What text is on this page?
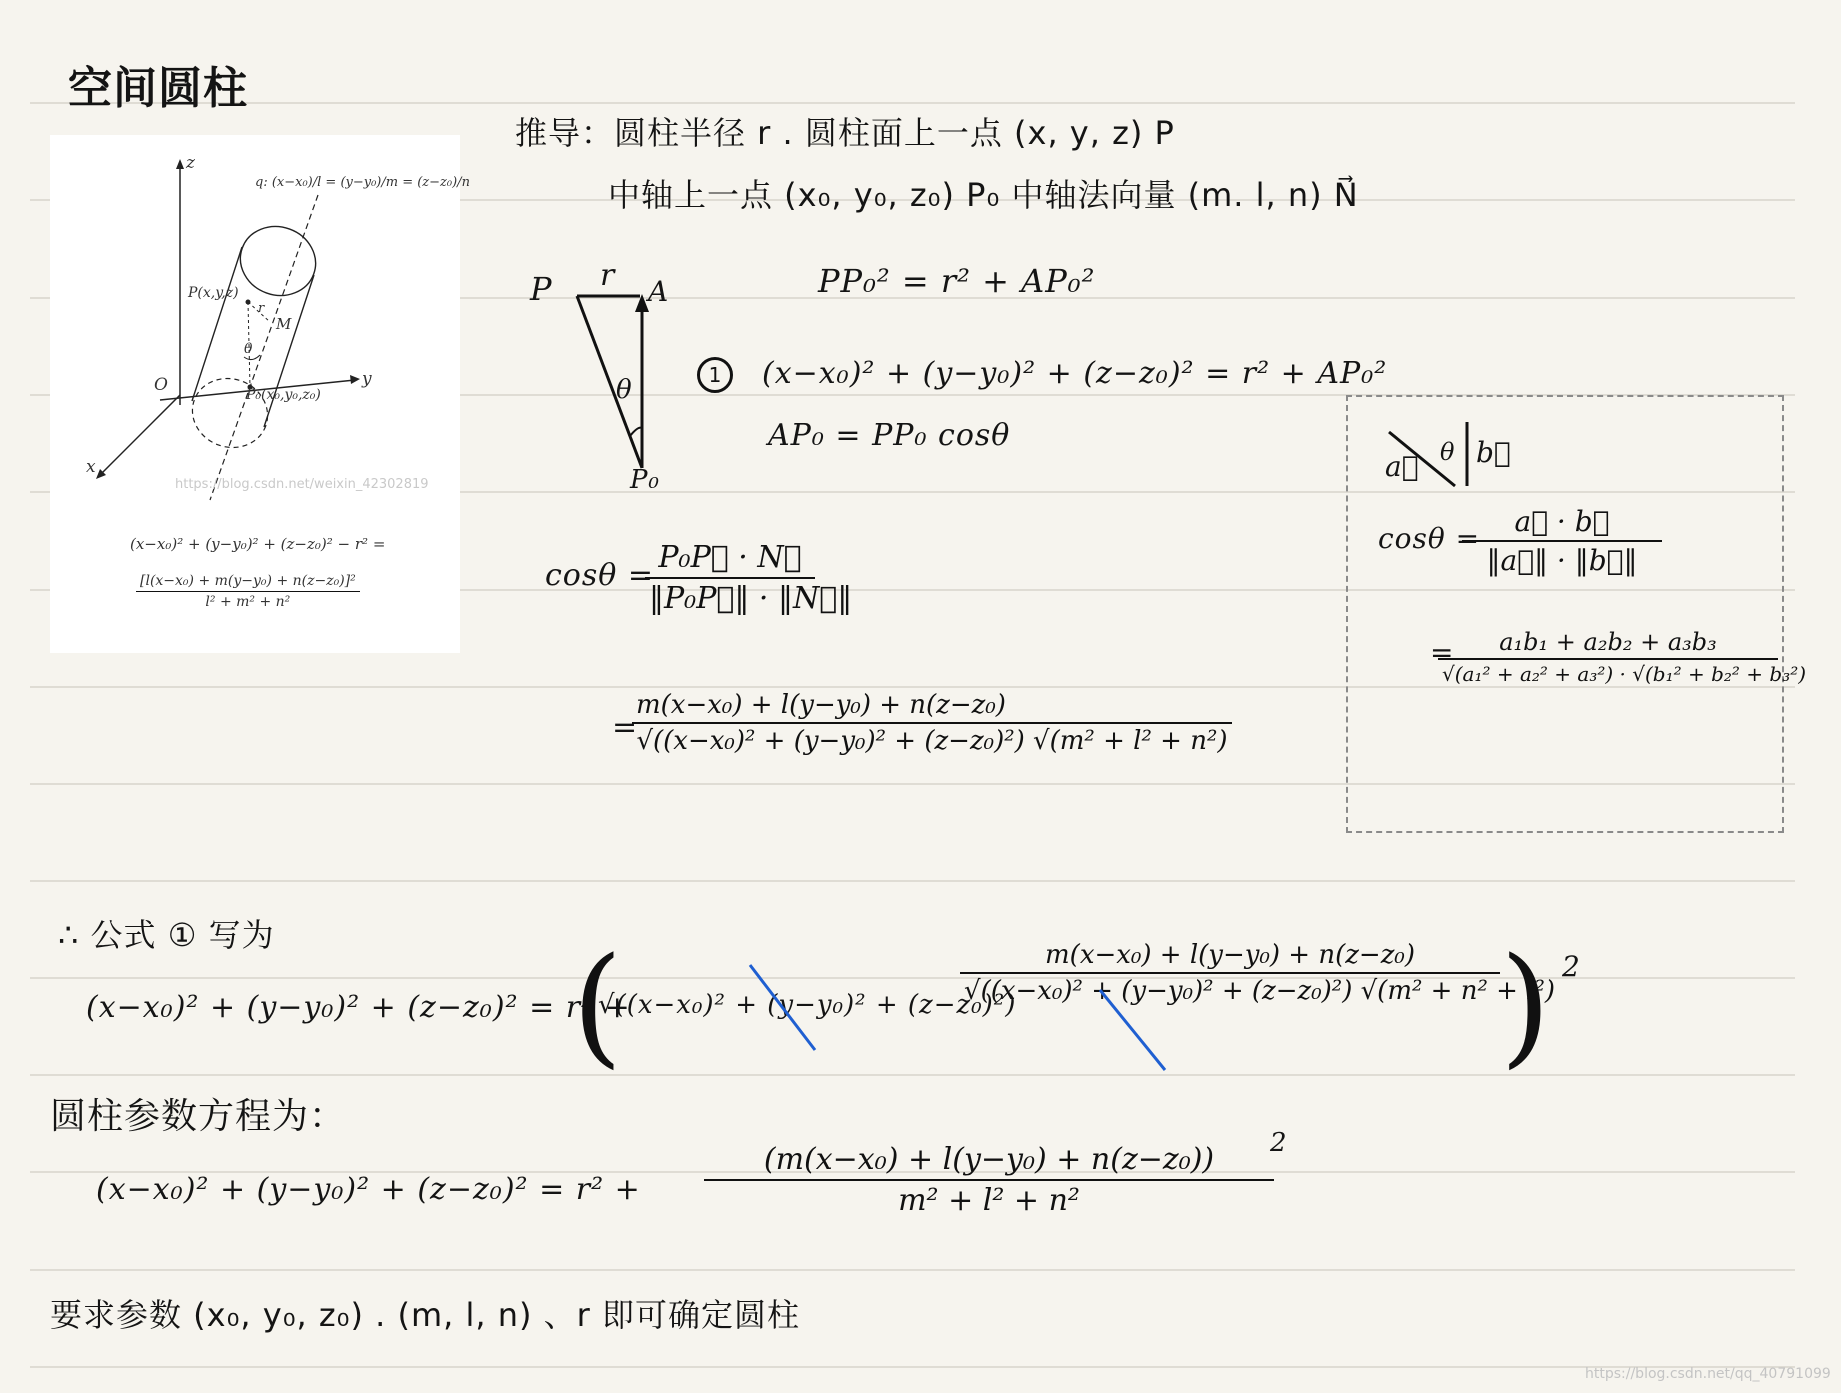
空间圆柱
z
y
x
O
q: (x−x₀)/l = (y−y₀)/m = (z−z₀)/n
P(x,y,z)
M
r
θ
P₀(x₀,y₀,z₀)
https://blog.csdn.net/weixin_42302819
(x−x₀)² + (y−y₀)² + (z−z₀)² − r² =
$\frac{\text{[l(x−x₀) + m(y−y₀) + n(z−z₀)]²}}{\text{l² + m² + n²}}$
推导：圆柱半径 r . 圆柱面上一点 (x, y, z) P
中轴上一点 (x₀, y₀, z₀) P₀ 中轴法向量 (m. l, n) N⃗
P r A
θ
P₀
PP₀² = r² + AP₀²
1	(x−x₀)² + (y−y₀)² + (z−z₀)² = r² + AP₀²
AP₀ = PP₀ cosθ
cosθ =
$\frac{\text{P₀P⃗ · N⃗}}{\text{‖P₀P⃗‖ · ‖N⃗‖}}$
=
$\frac{\text{m(x−x₀) + l(y−y₀) + n(z−z₀)}}{\text{√((x−x₀)² + (y−y₀)² + (z−z₀)²) √(m² + l² + n²)}}$
a⃗ θ b⃗
cosθ =
$\frac{a⃗ \cdot b⃗}{‖a⃗‖ \cdot ‖b⃗‖}$
=	a₁b₁ + a₂b₂ + a₃b₃
√(a₁² + a₂² + a₃²) · √(b₁² + b₂² + b₃²)
∴ 公式 ① 写为
(x−x₀)² + (y−y₀)² + (z−z₀)² = r² +
(
√((x−x₀)² + (y−y₀)² + (z−z₀)²)
$\frac{\text{m(x−x₀) + l(y−y₀) + n(z−z₀)}}{\text{√((x−x₀)² + (y−y₀)² + (z−z₀)²) √(m² + n² + l²)}}$ ) 2
圆柱参数方程为：
$(x-x_0)^2 + (y-y_0)^2 + (z-z_0)^2 = r^2 + \frac{\text{(m(x−x₀) + l(y−y₀) + n(z−z₀))}}{\text{m² + l² + n²}}$
2
要求参数 (x₀, y₀, z₀) . (m, l, n) 、r 即可确定圆柱
https://blog.csdn.net/qq_40791099
